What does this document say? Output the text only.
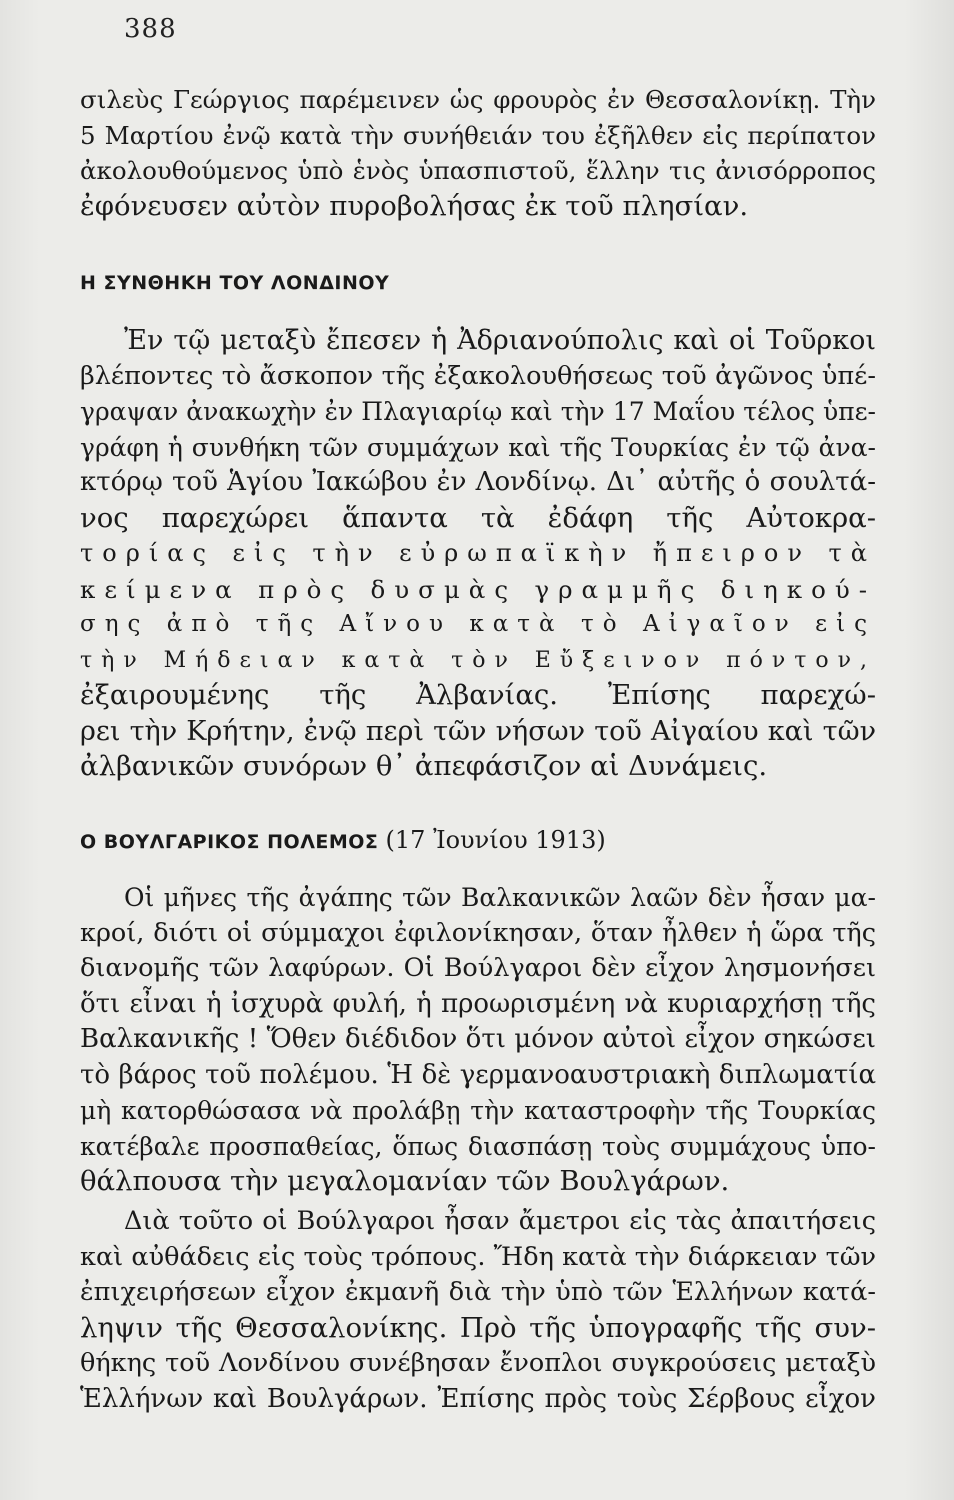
388
σιλεὺς Γεώργιος παρέμεινεν ὡς φρουρὸς ἐν Θεσσαλονίκῃ. Τὴν
5 Μαρτίου ἐνῷ κατὰ τὴν συνήθειάν του ἐξῆλθεν εἰς περίπατον
ἀκολουθούμενος ὑπὸ ἑνὸς ὑπασπιστοῦ, ἕλλην τις ἀνισόρροπος
ἐφόνευσεν αὐτὸν πυροβολήσας ἐκ τοῦ πλησίαν.
Η ΣΥΝΘΗΚΗ ΤΟΥ ΛΟΝΔΙΝΟΥ
Ἐν τῷ μεταξὺ ἔπεσεν ἡ Ἀδριανούπολις καὶ οἱ Τοῦρκοι
βλέποντες τὸ ἄσκοπον τῆς ἐξακολουθήσεως τοῦ ἀγῶνος ὑπέ-
γραψαν ἀνακωχὴν ἐν Πλαγιαρίῳ καὶ τὴν 17 Μαΐου τέλος ὑπε-
γράφη ἡ συνθήκη τῶν συμμάχων καὶ τῆς Τουρκίας ἐν τῷ ἀνα-
κτόρῳ τοῦ Ἁγίου Ἰακώβου ἐν Λονδίνῳ. Δι᾽ αὐτῆς ὁ σουλτά-
νος παρεχώρει ἅπαντα τὰ ἐδάφη τῆς Αὐτοκρα-
τορίας εἰς τὴν εὐρωπαϊκὴν ἤπειρον τὰ
κείμενα πρὸς δυσμὰς γραμμῆς διηκού-
σης ἀπὸ τῆς Αἴνου κατὰ τὸ Αἰγαῖον εἰς
τὴν Μήδειαν κατὰ τὸν Εὔξεινον πόντον,
ἐξαιρουμένης τῆς Ἀλβανίας. Ἐπίσης παρεχώ-
ρει τὴν Κρήτην, ἐνῷ περὶ τῶν νήσων τοῦ Αἰγαίου καὶ τῶν
ἀλβανικῶν συνόρων θ᾽ ἀπεφάσιζον αἱ Δυνάμεις.
Ο ΒΟΥΛΓΑΡΙΚΟΣ ΠΟΛΕΜΟΣ (17 Ἰουνίου 1913)
Οἱ μῆνες τῆς ἀγάπης τῶν Βαλκανικῶν λαῶν δὲν ἦσαν μα-
κροί, διότι οἱ σύμμαχοι ἐφιλονίκησαν, ὅταν ἦλθεν ἡ ὥρα τῆς
διανομῆς τῶν λαφύρων. Οἱ Βούλγαροι δὲν εἶχον λησμονήσει
ὅτι εἶναι ἡ ἰσχυρὰ φυλή, ἡ προωρισμένη νὰ κυριαρχήσῃ τῆς
Βαλκανικῆς ! Ὅθεν διέδιδον ὅτι μόνον αὐτοὶ εἶχον σηκώσει
τὸ βάρος τοῦ πολέμου. Ἡ δὲ γερμανοαυστριακὴ διπλωματία
μὴ κατορθώσασα νὰ προλάβῃ τὴν καταστροφὴν τῆς Τουρκίας
κατέβαλε προσπαθείας, ὅπως διασπάσῃ τοὺς συμμάχους ὑπο-
θάλπουσα τὴν μεγαλομανίαν τῶν Βουλγάρων.
Διὰ τοῦτο οἱ Βούλγαροι ἦσαν ἄμετροι εἰς τὰς ἀπαιτήσεις
καὶ αὐθάδεις εἰς τοὺς τρόπους. Ἤδη κατὰ τὴν διάρκειαν τῶν
ἐπιχειρήσεων εἶχον ἐκμανῆ διὰ τὴν ὑπὸ τῶν Ἑλλήνων κατά-
ληψιν τῆς Θεσσαλονίκης. Πρὸ τῆς ὑπογραφῆς τῆς συν-
θήκης τοῦ Λονδίνου συνέβησαν ἔνοπλοι συγκρούσεις μεταξὺ
Ἑλλήνων καὶ Βουλγάρων. Ἐπίσης πρὸς τοὺς Σέρβους εἶχον
